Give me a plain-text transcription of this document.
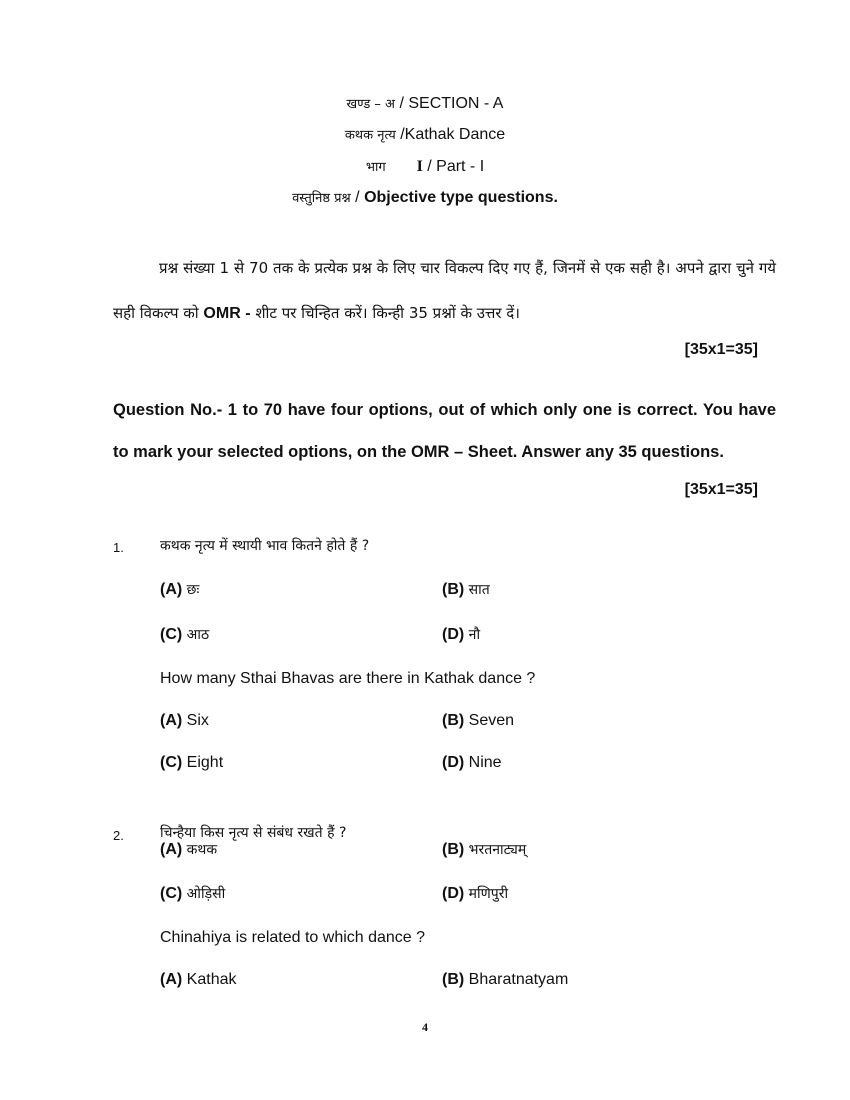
खण्ड – अ / SECTION - A
कथक नृत्य /Kathak Dance
भाग I / Part - I
वस्तुनिष्ठ प्रश्न / Objective type questions.
प्रश्न संख्या 1 से 70 तक के प्रत्येक प्रश्न के लिए चार विकल्प दिए गए हैं, जिनमें से एक सही है। अपने द्वारा चुने गये सही विकल्प को OMR - शीट पर चिन्हित करें। किन्ही 35 प्रश्नों के उत्तर दें।
[35x1=35]
Question No.- 1 to 70 have four options, out of which only one is correct. You have to mark your selected options, on the OMR – Sheet. Answer any 35 questions.
[35x1=35]
1.	कथक नृत्य में स्थायी भाव कितने होते हैं ?
(A) छः	(B) सात
(C) आठ	(D) नौ
How many Sthai Bhavas are there in Kathak dance ?
(A) Six	(B) Seven
(C) Eight	(D) Nine
2.	चिन्हैया किस नृत्य से संबंध रखते हैं ?
(A) कथक	(B) भरतनाट्यम्
(C) ओड़िसी	(D) मणिपुरी
Chinahiya is related to which dance ?
(A) Kathak	(B) Bharatnatyam
4
